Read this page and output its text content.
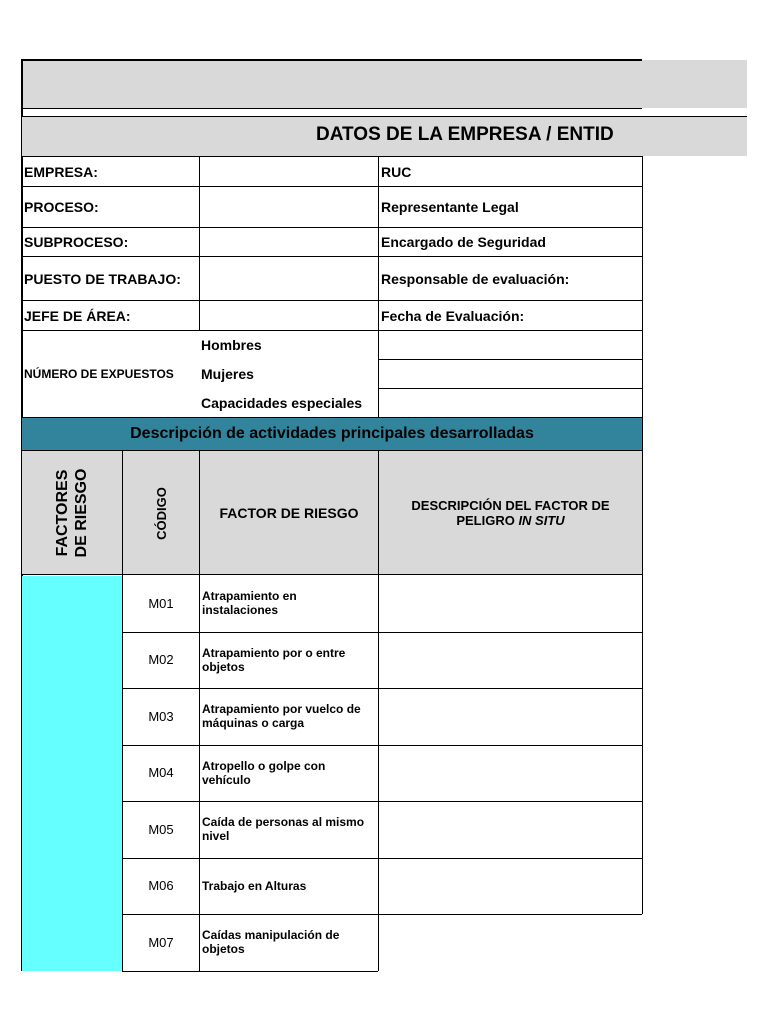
DATOS DE LA EMPRESA / ENTID
EMPRESA:	RUC
PROCESO:	Representante Legal
SUBPROCESO:	Encargado de Seguridad
PUESTO DE TRABAJO:	Responsable de evaluación:
JEFE DE ÁREA:	Fecha de Evaluación:
NÚMERO DE EXPUESTOS
Hombres
Mujeres
Capacidades especiales
Descripción de actividades principales desarrolladas
FACTORES DE RIESGO	CÓDIGO	FACTOR DE RIESGO	DESCRIPCIÓN DEL FACTOR DE
PELIGRO IN SITU
M01	Atrapamiento en instalaciones
M02	Atrapamiento por o entre objetos
M03	Atrapamiento por vuelco de máquinas o carga
M04	Atropello o golpe con vehículo
M05	Caída de personas al mismo nivel
M06	Trabajo en Alturas
M07	Caídas manipulación de objetos
